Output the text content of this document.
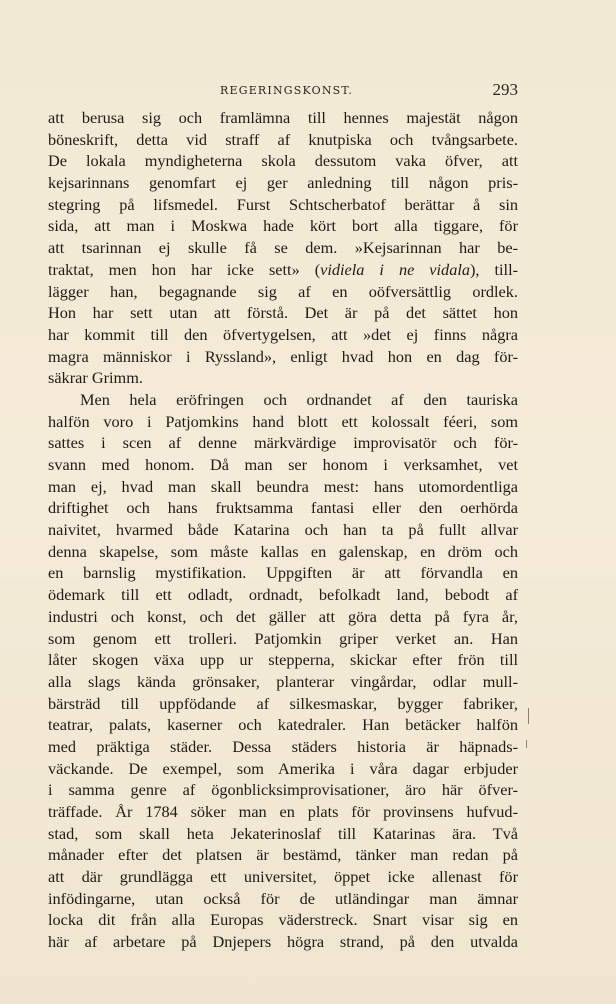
REGERINGSKONST.	293
att berusa sig och framlämna till hennes majestät någon
böneskrift, detta vid straff af knutpiska och tvångsarbete.
De lokala myndigheterna skola dessutom vaka öfver, att
kejsarinnans genomfart ej ger anledning till någon pris-
stegring på lifsmedel. Furst Schtscherbatof berättar å sin
sida, att man i Moskwa hade kört bort alla tiggare, för
att tsarinnan ej skulle få se dem. »Kejsarinnan har be-
traktat, men hon har icke sett» (vidiela i ne vidala), till-
lägger han, begagnande sig af en oöfversättlig ordlek.
Hon har sett utan att förstå. Det är på det sättet hon
har kommit till den öfvertygelsen, att »det ej finns några
magra människor i Ryssland», enligt hvad hon en dag för-
säkrar Grimm.
Men hela eröfringen och ordnandet af den tauriska
halfön voro i Patjomkins hand blott ett kolossalt féeri, som
sattes i scen af denne märkvärdige improvisatör och för-
svann med honom. Då man ser honom i verksamhet, vet
man ej, hvad man skall beundra mest: hans utomordentliga
driftighet och hans fruktsamma fantasi eller den oerhörda
naivitet, hvarmed både Katarina och han ta på fullt allvar
denna skapelse, som måste kallas en galenskap, en dröm och
en barnslig mystifikation. Uppgiften är att förvandla en
ödemark till ett odladt, ordnadt, befolkadt land, bebodt af
industri och konst, och det gäller att göra detta på fyra år,
som genom ett trolleri. Patjomkin griper verket an. Han
låter skogen växa upp ur stepperna, skickar efter frön till
alla slags kända grönsaker, planterar vingårdar, odlar mull-
bärsträd till uppfödande af silkesmaskar, bygger fabriker,
teatrar, palats, kaserner och katedraler. Han betäcker halfön
med präktiga städer. Dessa städers historia är häpnads-
väckande. De exempel, som Amerika i våra dagar erbjuder
i samma genre af ögonblicksimprovisationer, äro här öfver-
träffade. År 1784 söker man en plats för provinsens hufvud-
stad, som skall heta Jekaterinoslaf till Katarinas ära. Två
månader efter det platsen är bestämd, tänker man redan på
att där grundlägga ett universitet, öppet icke allenast för
infödingarne, utan också för de utländingar man ämnar
locka dit från alla Europas väderstreck. Snart visar sig en
här af arbetare på Dnjepers högra strand, på den utvalda
